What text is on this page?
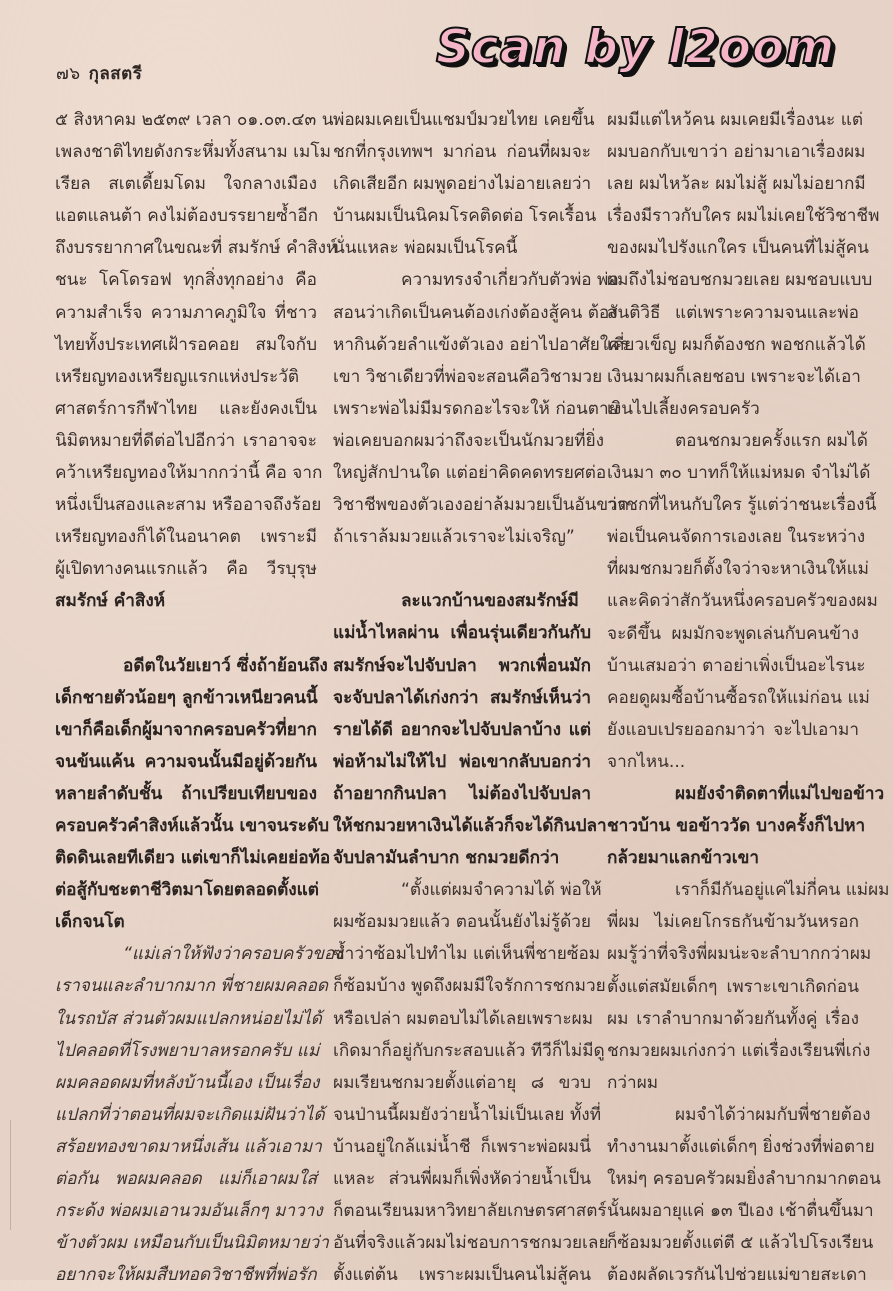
๗๖ กุลสตรี	Scan by l2oom
๕ สิงหาคม ๒๕๓๙ เวลา ๐๑.๐๓.๔๓ น.
เพลงชาติไทยดังกระหึ่มทั้งสนาม เมโม
เรียล สเตเดี้ยมโดม ใจกลางเมือง
แอตแลนต้า คงไม่ต้องบรรยายซ้ำอีก
ถึงบรรยากาศในขณะที่ สมรักษ์ คำสิงห์
ชนะ โคโดรอฟ ทุกสิ่งทุกอย่าง คือ
ความสำเร็จ ความภาคภูมิใจ ที่ชาว
ไทยทั้งประเทศเฝ้ารอคอย สมใจกับ
เหรียญทองเหรียญแรกแห่งประวัติ
ศาสตร์การกีฬาไทย และยังคงเป็น
นิมิตหมายที่ดีต่อไปอีกว่า เราอาจจะ
คว้าเหรียญทองให้มากกว่านี้ คือ จาก
หนึ่งเป็นสองและสาม หรืออาจถึงร้อย
เหรียญทองก็ได้ในอนาคต เพราะมี
ผู้เปิดทางคนแรกแล้ว คือ วีรบุรุษ
สมรักษ์ คำสิงห์
อดีตในวัยเยาว์ ซึ่งถ้าย้อนถึง
เด็กชายตัวน้อยๆ ลูกข้าวเหนียวคนนี้
เขาก็คือเด็กผู้มาจากครอบครัวที่ยาก
จนข้นแค้น ความจนนั้นมีอยู่ด้วยกัน
หลายลำดับชั้น ถ้าเปรียบเทียบของ
ครอบครัวคำสิงห์แล้วนั้น เขาจนระดับ
ติดดินเลยทีเดียว แต่เขาก็ไม่เคยย่อท้อ
ต่อสู้กับชะตาชีวิตมาโดยตลอดตั้งแต่
เด็กจนโต
“แม่เล่าให้ฟังว่าครอบครัวของ
เราจนและลำบากมาก พี่ชายผมคลอด
ในรถบัส ส่วนตัวผมแปลกหน่อยไม่ได้
ไปคลอดที่โรงพยาบาลหรอกครับ แม่
ผมคลอดผมที่หลังบ้านนี้เอง เป็นเรื่อง
แปลกที่ว่าตอนที่ผมจะเกิดแม่ฝันว่าได้
สร้อยทองขาดมาหนึ่งเส้น แล้วเอามา
ต่อกัน พอผมคลอด แม่ก็เอาผมใส่
กระด้ง พ่อผมเอานวมอันเล็กๆ มาวาง
ข้างตัวผม เหมือนกับเป็นนิมิตหมายว่า
อยากจะให้ผมสืบทอดวิชาชีพที่พ่อรัก
พ่อผมเคยเป็นแชมป์มวยไทย เคยขึ้น
ชกที่กรุงเทพฯ มาก่อน ก่อนที่ผมจะ
เกิดเสียอีก ผมพูดอย่างไม่อายเลยว่า
บ้านผมเป็นนิคมโรคติดต่อ โรคเรื้อน
นั่นแหละ พ่อผมเป็นโรคนี้
ความทรงจำเกี่ยวกับตัวพ่อ พ่อ
สอนว่าเกิดเป็นคนต้องเก่งต้องสู้คน ต้อง
หากินด้วยลำแข้งตัวเอง อย่าไปอาศัยใคร
เขา วิชาเดียวที่พ่อจะสอนคือวิชามวย
เพราะพ่อไม่มีมรดกอะไรจะให้ ก่อนตาย
พ่อเคยบอกผมว่าถึงจะเป็นนักมวยที่ยิ่ง
ใหญ่สักปานใด แต่อย่าคิดคดทรยศต่อ
วิชาชีพของตัวเองอย่าล้มมวยเป็นอันขาด
ถ้าเราล้มมวยแล้วเราจะไม่เจริญ”
ละแวกบ้านของสมรักษ์มี
แม่น้ำไหลผ่าน เพื่อนรุ่นเดียวกันกับ
สมรักษ์จะไปจับปลา พวกเพื่อนมัก
จะจับปลาได้เก่งกว่า สมรักษ์เห็นว่า
รายได้ดี อยากจะไปจับปลาบ้าง แต่
พ่อห้ามไม่ให้ไป พ่อเขากลับบอกว่า
ถ้าอยากกินปลา ไม่ต้องไปจับปลา
ให้ชกมวยหาเงินได้แล้วก็จะได้กินปลา
จับปลามันลำบาก ชกมวยดีกว่า
“ตั้งแต่ผมจำความได้ พ่อให้
ผมซ้อมมวยแล้ว ตอนนั้นยังไม่รู้ด้วย
ซ้ำว่าซ้อมไปทำไม แต่เห็นพี่ชายซ้อม
ก็ซ้อมบ้าง พูดถึงผมมีใจรักการชกมวย
หรือเปล่า ผมตอบไม่ได้เลยเพราะผม
เกิดมาก็อยู่กับกระสอบแล้ว ทีวีก็ไม่มีดู
ผมเรียนชกมวยตั้งแต่อายุ ๘ ขวบ
จนป่านนี้ผมยังว่ายน้ำไม่เป็นเลย ทั้งที่
บ้านอยู่ใกล้แม่น้ำชี ก็เพราะพ่อผมนี่
แหละ ส่วนพี่ผมก็เพิ่งหัดว่ายน้ำเป็น
ก็ตอนเรียนมหาวิทยาลัยเกษตรศาสตร์
อันที่จริงแล้วผมไม่ชอบการชกมวยเลย
ตั้งแต่ต้น เพราะผมเป็นคนไม่สู้คน
ผมมีแต่ไหว้คน ผมเคยมีเรื่องนะ แต่
ผมบอกกับเขาว่า อย่ามาเอาเรื่องผม
เลย ผมไหว้ละ ผมไม่สู้ ผมไม่อยากมี
เรื่องมีราวกับใคร ผมไม่เคยใช้วิชาชีพ
ของผมไปรังแกใคร เป็นคนที่ไม่สู้คน
ผมถึงไม่ชอบชกมวยเลย ผมชอบแบบ
สันติวิธี แต่เพราะความจนและพ่อ
เคี่ยวเข็ญ ผมก็ต้องชก พอชกแล้วได้
เงินมาผมก็เลยชอบ เพราะจะได้เอา
เงินไปเลี้ยงครอบครัว
ตอนชกมวยครั้งแรก ผมได้
เงินมา ๓๐ บาทก็ให้แม่หมด จำไม่ได้
ว่าชกที่ไหนกับใคร รู้แต่ว่าชนะเรื่องนี้
พ่อเป็นคนจัดการเองเลย ในระหว่าง
ที่ผมชกมวยก็ตั้งใจว่าจะหาเงินให้แม่
และคิดว่าสักวันหนึ่งครอบครัวของผม
จะดีขึ้น ผมมักจะพูดเล่นกับคนข้าง
บ้านเสมอว่า ตาอย่าเพิ่งเป็นอะไรนะ
คอยดูผมซื้อบ้านซื้อรถให้แม่ก่อน แม่
ยังแอบเปรยออกมาว่า จะไปเอามา
จากไหน...
ผมยังจำติดตาที่แม่ไปขอข้าว
ชาวบ้าน ขอข้าววัด บางครั้งก็ไปหา
กล้วยมาแลกข้าวเขา
เราก็มีกันอยู่แค่ไม่กี่คน แม่ผม
พี่ผม ไม่เคยโกรธกันข้ามวันหรอก
ผมรู้ว่าที่จริงพี่ผมน่ะจะลำบากกว่าผม
ตั้งแต่สมัยเด็กๆ เพราะเขาเกิดก่อน
ผม เราลำบากมาด้วยกันทั้งคู่ เรื่อง
ชกมวยผมเก่งกว่า แต่เรื่องเรียนพี่เก่ง
กว่าผม
ผมจำได้ว่าผมกับพี่ชายต้อง
ทำงานมาตั้งแต่เด็กๆ ยิ่งช่วงที่พ่อตาย
ใหม่ๆ ครอบครัวผมยิ่งลำบากมากตอน
นั้นผมอายุแค่ ๑๓ ปีเอง เช้าตื่นขึ้นมา
ก็ซ้อมมวยตั้งแต่ตี ๕ แล้วไปโรงเรียน
ต้องผลัดเวรกันไปช่วยแม่ขายสะเดา
